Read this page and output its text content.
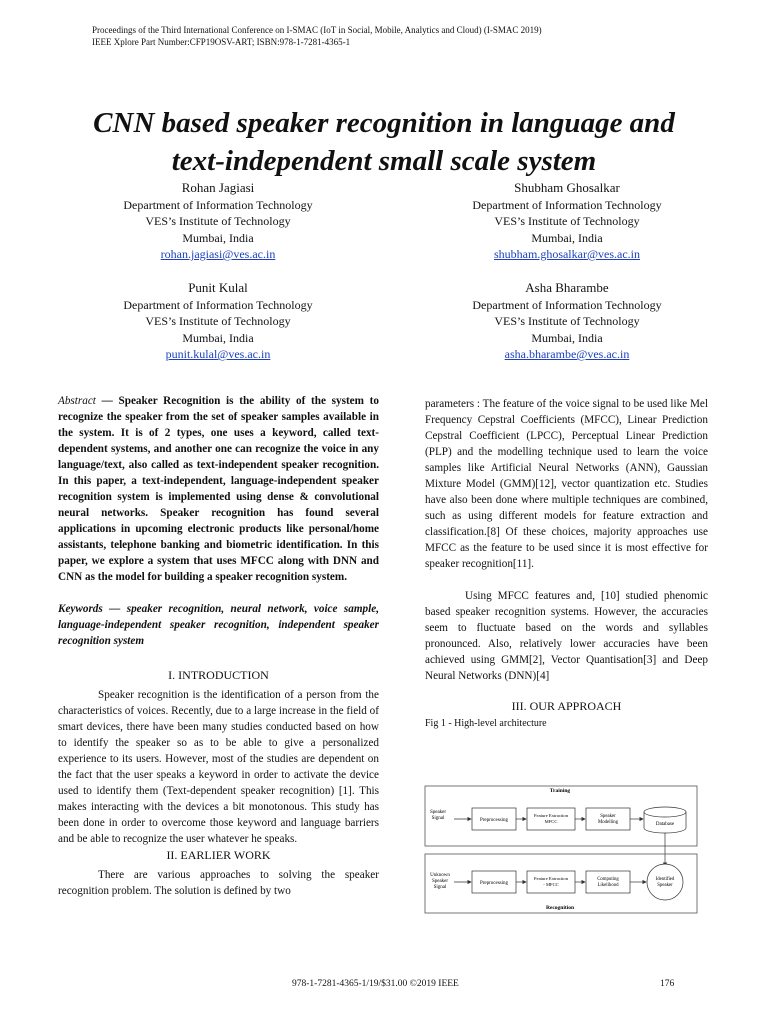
Proceedings of the Third International Conference on I-SMAC (IoT in Social, Mobile, Analytics and Cloud) (I-SMAC 2019)
IEEE Xplore Part Number:CFP19OSV-ART; ISBN:978-1-7281-4365-1
CNN based speaker recognition in language and
text-independent small scale system
Rohan Jagiasi
Department of Information Technology
VES’s Institute of Technology
Mumbai, India
rohan.jagiasi@ves.ac.in
Shubham Ghosalkar
Department of Information Technology
VES’s Institute of Technology
Mumbai, India
shubham.ghosalkar@ves.ac.in
Punit Kulal
Department of Information Technology
VES’s Institute of Technology
Mumbai, India
punit.kulal@ves.ac.in
Asha Bharambe
Department of Information Technology
VES’s Institute of Technology
Mumbai, India
asha.bharambe@ves.ac.in

Abstract — Speaker Recognition is the ability of the system to recognize the speaker from the set of speaker samples available in the system. It is of 2 types, one uses a keyword, called text-dependent systems, and another one can recognize the voice in any language/text, also called as text-independent speaker recognition. In this paper, a text-independent, language-independent speaker recognition system is implemented using dense & convolutional neural networks. Speaker recognition has found several applications in upcoming electronic products like personal/home assistants, telephone banking and biometric identification. In this paper, we explore a system that uses MFCC along with DNN and CNN as the model for building a speaker recognition system.

Keywords — speaker recognition, neural network, voice sample, language-independent speaker recognition, independent speaker recognition system

I. INTRODUCTION

Speaker recognition is the identification of a person from the characteristics of voices. Recently, due to a large increase in the field of smart devices, there have been many studies conducted based on how to identify the speaker so as to be able to give a personalized experience to its users. However, most of the studies are dependent on the fact that the user speaks a keyword in order to activate the device used to identify them (Text-dependent speaker recognition) [1]. This makes interacting with the devices a bit monotonous. This study has been done in order to overcome those keyword and language barriers and be able to recognize the user whatever he speaks.

II. EARLIER WORK

There are various approaches to solving the speaker recognition problem. The solution is defined by two

parameters : The feature of the voice signal to be used like Mel Frequency Cepstral Coefficients (MFCC), Linear Prediction Cepstral Coefficient (LPCC), Perceptual Linear Prediction (PLP) and the modelling technique used to learn the voice samples like Artificial Neural Networks (ANN), Gaussian Mixture Model (GMM)[12], vector quantization etc. Studies have also been done where multiple techniques are combined, such as using different models for feature extraction and classification.[8] Of these choices, majority approaches use MFCC as the feature to be used since it is most effective for speaker recognition[11].

Using MFCC features and, [10] studied phenomic based speaker recognition systems. However, the accuracies seem to fluctuate based on the words and syllables pronounced. Also, relatively lower accuracies have been achieved using GMM[2], Vector Quantisation[3] and Deep Neural Networks (DNN)[4]

III. OUR APPROACH

Fig 1 - High-level architecture

Training
Speaker Signal	Preprocessing
Feature Extraction MFCC
Speaker Modelling	Database
Unknown Speaker Signal
Preprocessing
Feature Extraction - MFCC
Computing Likelihood
Identified Speaker
Recognition
978-1-7281-4365-1/19/$31.00 ©2019 IEEE	176
